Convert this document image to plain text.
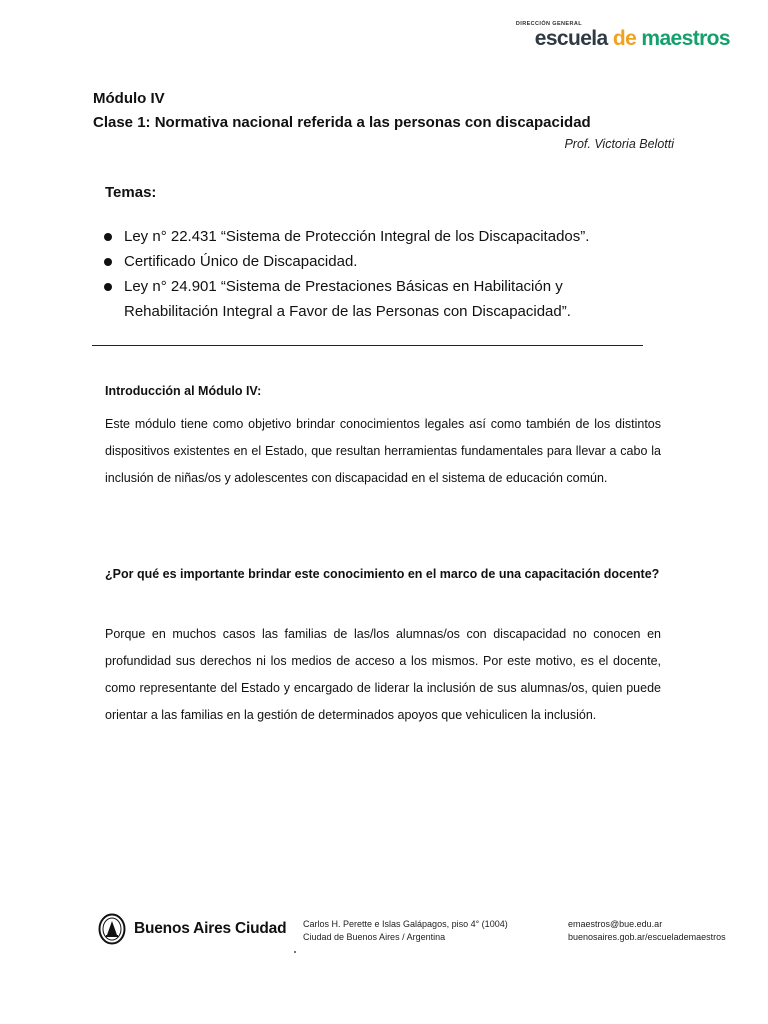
DIRECCIÓN GENERAL
escuela de maestros
Módulo IV
Clase 1: Normativa nacional referida a las personas con discapacidad
Prof. Victoria Belotti
Temas:
Ley n° 22.431 “Sistema de Protección Integral de los Discapacitados”.
Certificado Único de Discapacidad.
Ley n° 24.901 “Sistema de Prestaciones Básicas en Habilitación y Rehabilitación Integral a Favor de las Personas con Discapacidad”.
Introducción al Módulo IV:
Este módulo tiene como objetivo brindar conocimientos legales así como también de los distintos dispositivos existentes en el Estado, que resultan herramientas fundamentales para llevar a cabo la inclusión de niñas/os y adolescentes con discapacidad en el sistema de educación común.
¿Por qué es importante brindar este conocimiento en el marco de una capacitación docente?
Porque en muchos casos las familias de las/los alumnas/os con discapacidad no conocen en profundidad sus derechos ni los medios de acceso a los mismos. Por este motivo, es el docente, como representante del Estado y encargado de liderar la inclusión de sus alumnas/os, quien puede orientar a las familias en la gestión de determinados apoyos que vehiculicen la inclusión.
Buenos Aires Ciudad Carlos H. Perette e Islas Galápagos, piso 4° (1004)
Ciudad de Buenos Aires / Argentina
emaestros@bue.edu.ar
buenosaires.gob.ar/escuelademaestros
